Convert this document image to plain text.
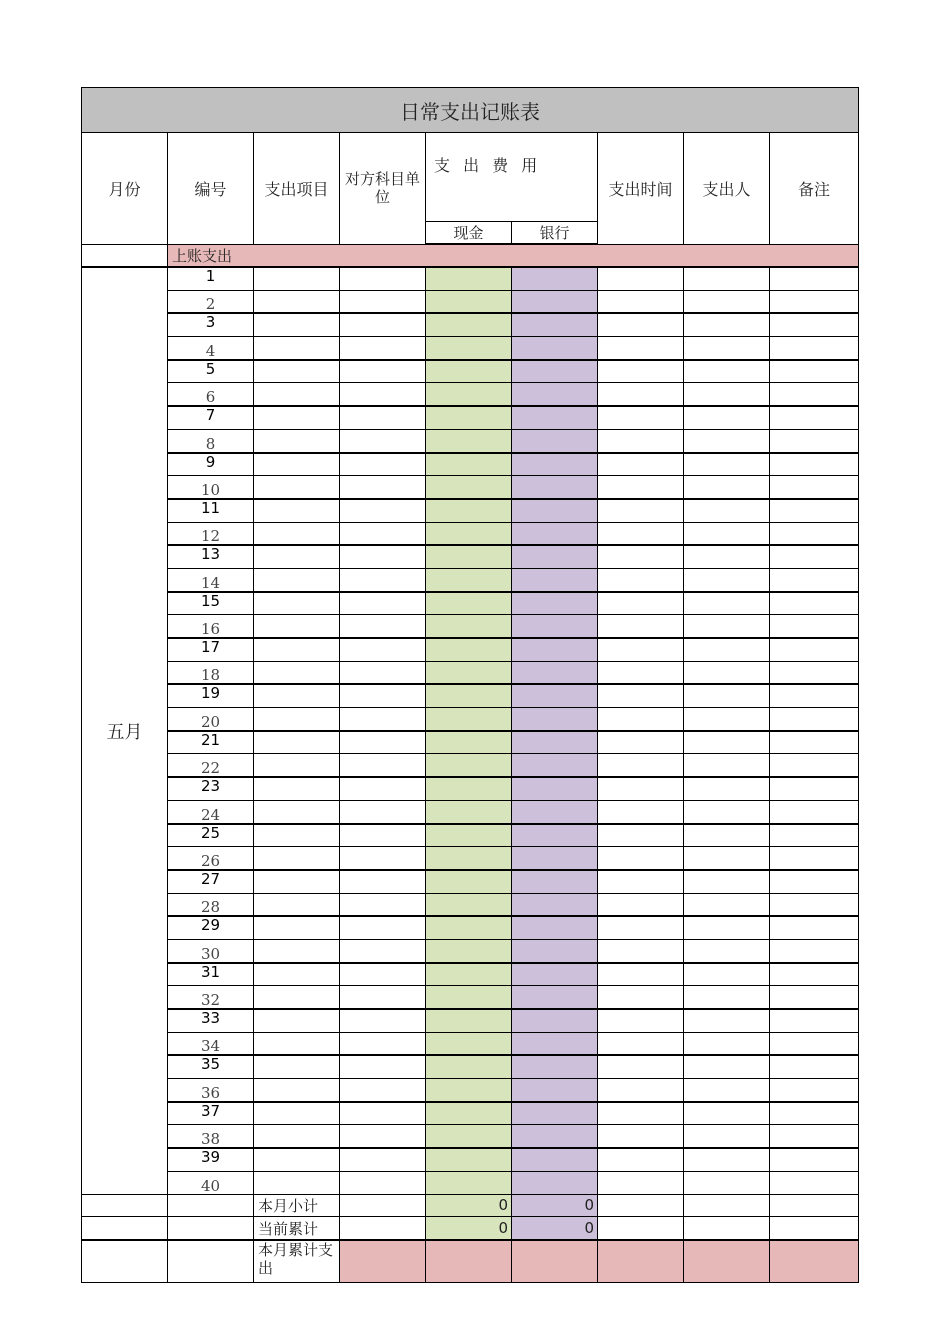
日常支出记账表								
月份	编号	支出项目	对方科目单位	支 出 费 用		支出时间	支出人	备注
				现金	银行			
	上账支出							
五月	1							
	2							
	3							
	4							
	5							
	6							
	7							
	8							
	9							
	10							
	11							
	12							
	13							
	14							
	15							
	16							
	17							
	18							
	19							
	20							
	21							
	22							
	23							
	24							
	25							
	26							
	27							
	28							
	29							
	30							
	31							
	32							
	33							
	34							
	35							
	36							
	37							
	38							
	39							
	40							
		本月小计		0	0			
		当前累计		0	0			
		本月累计支出						
